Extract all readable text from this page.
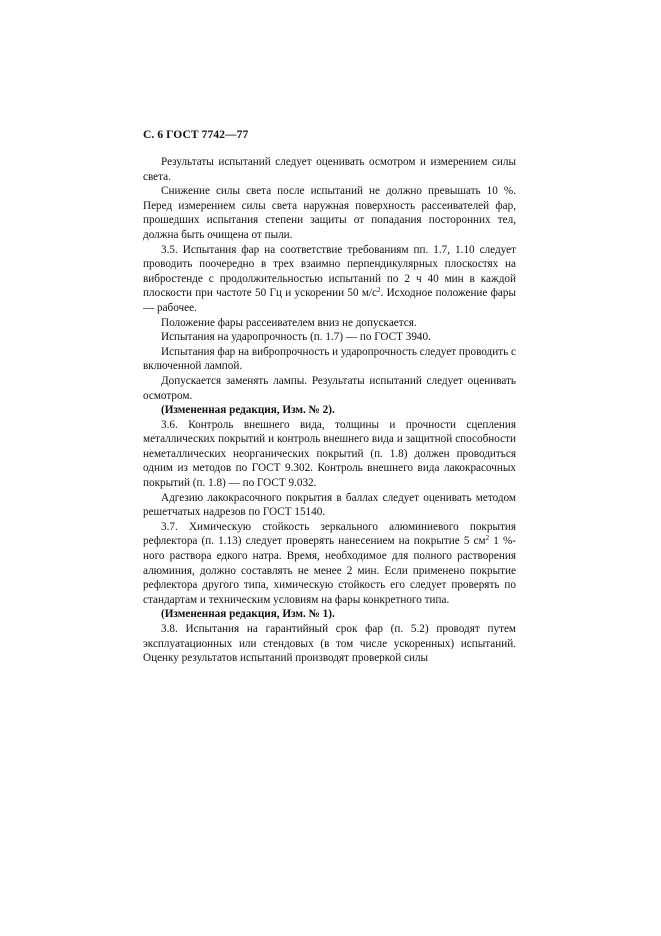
С. 6 ГОСТ 7742—77

Результаты испытаний следует оценивать осмотром и измерением силы света.

Снижение силы света после испытаний не должно превышать 10 %. Перед измерением силы света наружная поверхность рассеивателей фар, прошедших испытания степени защиты от попадания посторонних тел, должна быть очищена от пыли.

3.5. Испытания фар на соответствие требованиям пп. 1.7, 1.10 следует проводить поочередно в трех взаимно перпендикулярных плоскостях на вибростенде с продолжительностью испытаний по 2 ч 40 мин в каждой плоскости при частоте 50 Гц и ускорении 50 $м/с^2$. Исходное положение фары — рабочее.

Положение фары рассеивателем вниз не допускается.

Испытания на ударопрочность (п. 1.7) — по ГОСТ 3940.

Испытания фар на вибропрочность и ударопрочность следует проводить с включенной лампой.

Допускается заменять лампы. Результаты испытаний следует оценивать осмотром.

(Измененная редакция, Изм. № 2).

3.6. Контроль внешнего вида, толщины и прочности сцепления металлических покрытий и контроль внешнего вида и защитной способности неметаллических неорганических покрытий (п. 1.8) должен проводиться одним из методов по ГОСТ 9.302. Контроль внешнего вида лакокрасочных покрытий (п. 1.8) — по ГОСТ 9.032.

Адгезию лакокрасочного покрытия в баллах следует оценивать методом решетчатых надрезов по ГОСТ 15140.

3.7. Химическую стойкость зеркального алюминиевого покрытия рефлектора (п. 1.13) следует проверять нанесением на покрытие 5 $см^2$ 1 %-ного раствора едкого натра. Время, необходимое для полного растворения алюминия, должно составлять не менее 2 мин. Если применено покрытие рефлектора другого типа, химическую стойкость его следует проверять по стандартам и техническим условиям на фары конкретного типа.

(Измененная редакция, Изм. № 1).

3.8. Испытания на гарантийный срок фар (п. 5.2) проводят путем эксплуатационных или стендовых (в том числе ускоренных) испытаний. Оценку результатов испытаний производят проверкой силы
